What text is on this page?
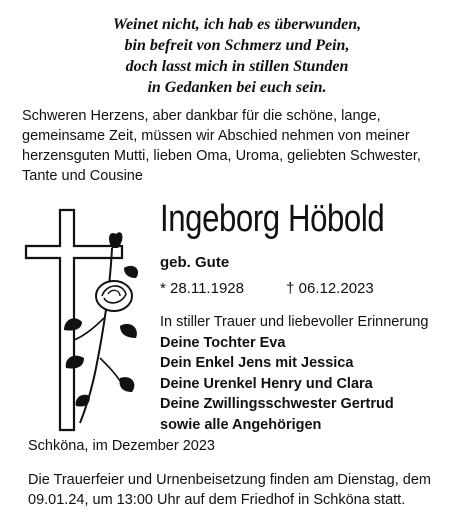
Weinet nicht, ich hab es überwunden,
bin befreit von Schmerz und Pein,
doch lasst mich in stillen Stunden
in Gedanken bei euch sein.
Schweren Herzens, aber dankbar für die schöne, lange,
gemeinsame Zeit, müssen wir Abschied nehmen von meiner
herzensguten Mutti, lieben Oma, Uroma, geliebten Schwester,
Tante und Cousine
Ingeborg Höbold
geb. Gute
* 28.11.1928	† 06.12.2023
In stiller Trauer und liebevoller Erinnerung
Deine Tochter Eva
Dein Enkel Jens mit Jessica
Deine Urenkel Henry und Clara
Deine Zwillingsschwester Gertrud
sowie alle Angehörigen
Schköna, im Dezember 2023
Die Trauerfeier und Urnenbeisetzung finden am Dienstag, dem
09.01.24, um 13:00 Uhr auf dem Friedhof in Schköna statt.
